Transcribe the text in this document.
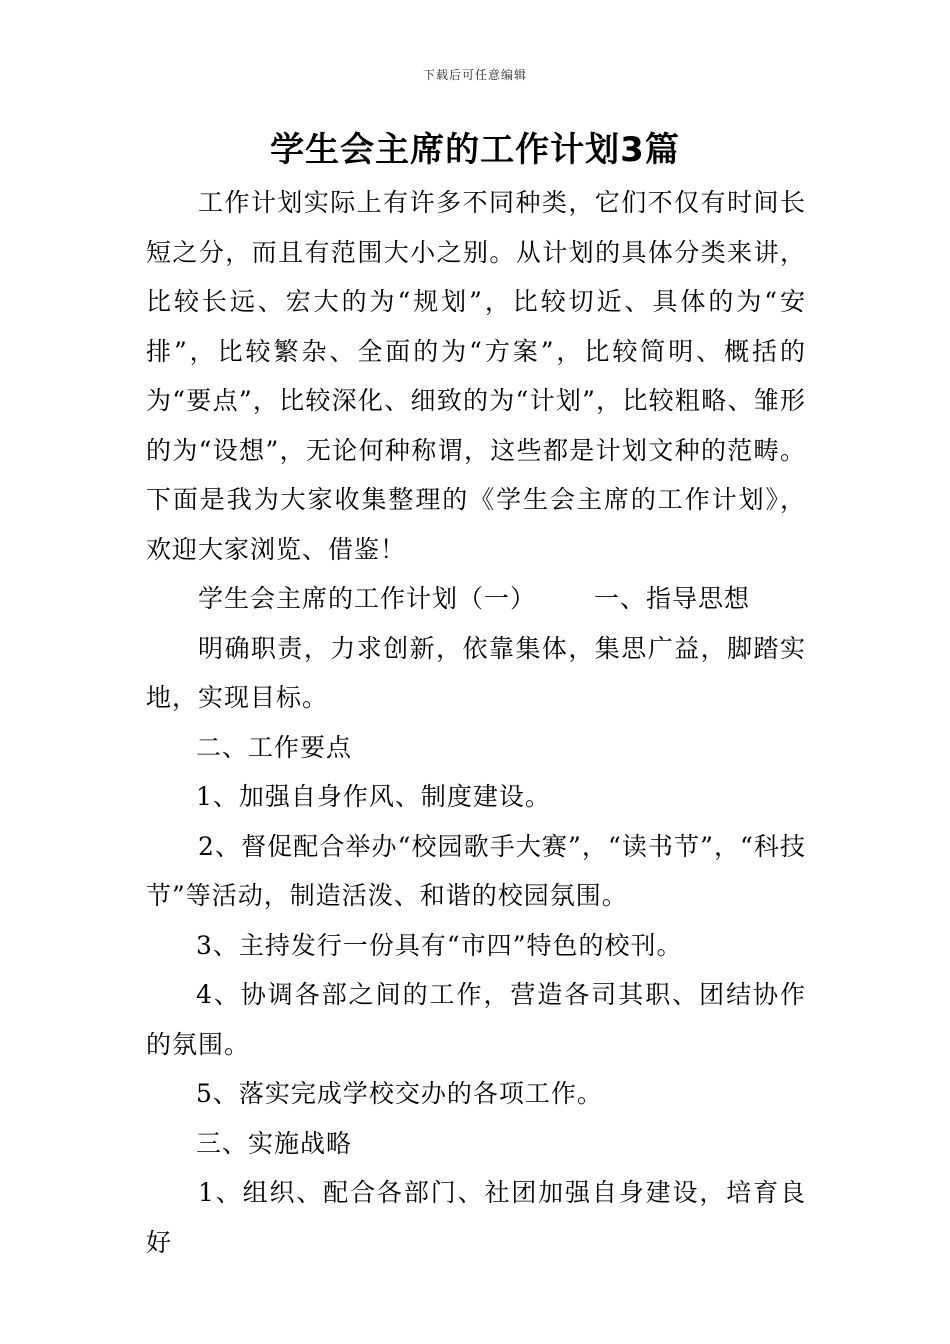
下载后可任意编辑
学生会主席的工作计划3篇

工作计划实际上有许多不同种类，它们不仅有时间长短之分，而且有范围大小之别。从计划的具体分类来讲，比较长远、宏大的为“规划”，比较切近、具体的为“安排”，比较繁杂、全面的为“方案”，比较简明、概括的为“要点”，比较深化、细致的为“计划”，比较粗略、雏形的为“设想”，无论何种称谓，这些都是计划文种的范畴。下面是我为大家收集整理的《学生会主席的工作计划》，欢迎大家浏览、借鉴！

学生会主席的工作计划（一） 一、指导思想

明确职责，力求创新，依靠集体，集思广益，脚踏实地，实现目标。

二、工作要点

1、加强自身作风、制度建设。

2、督促配合举办“校园歌手大赛”，“读书节”，“科技节”等活动，制造活泼、和谐的校园氛围。

3、主持发行一份具有“市四”特色的校刊。

4、协调各部之间的工作，营造各司其职、团结协作的氛围。

5、落实完成学校交办的各项工作。

三、实施战略

1、组织、配合各部门、社团加强自身建设，培育良好
